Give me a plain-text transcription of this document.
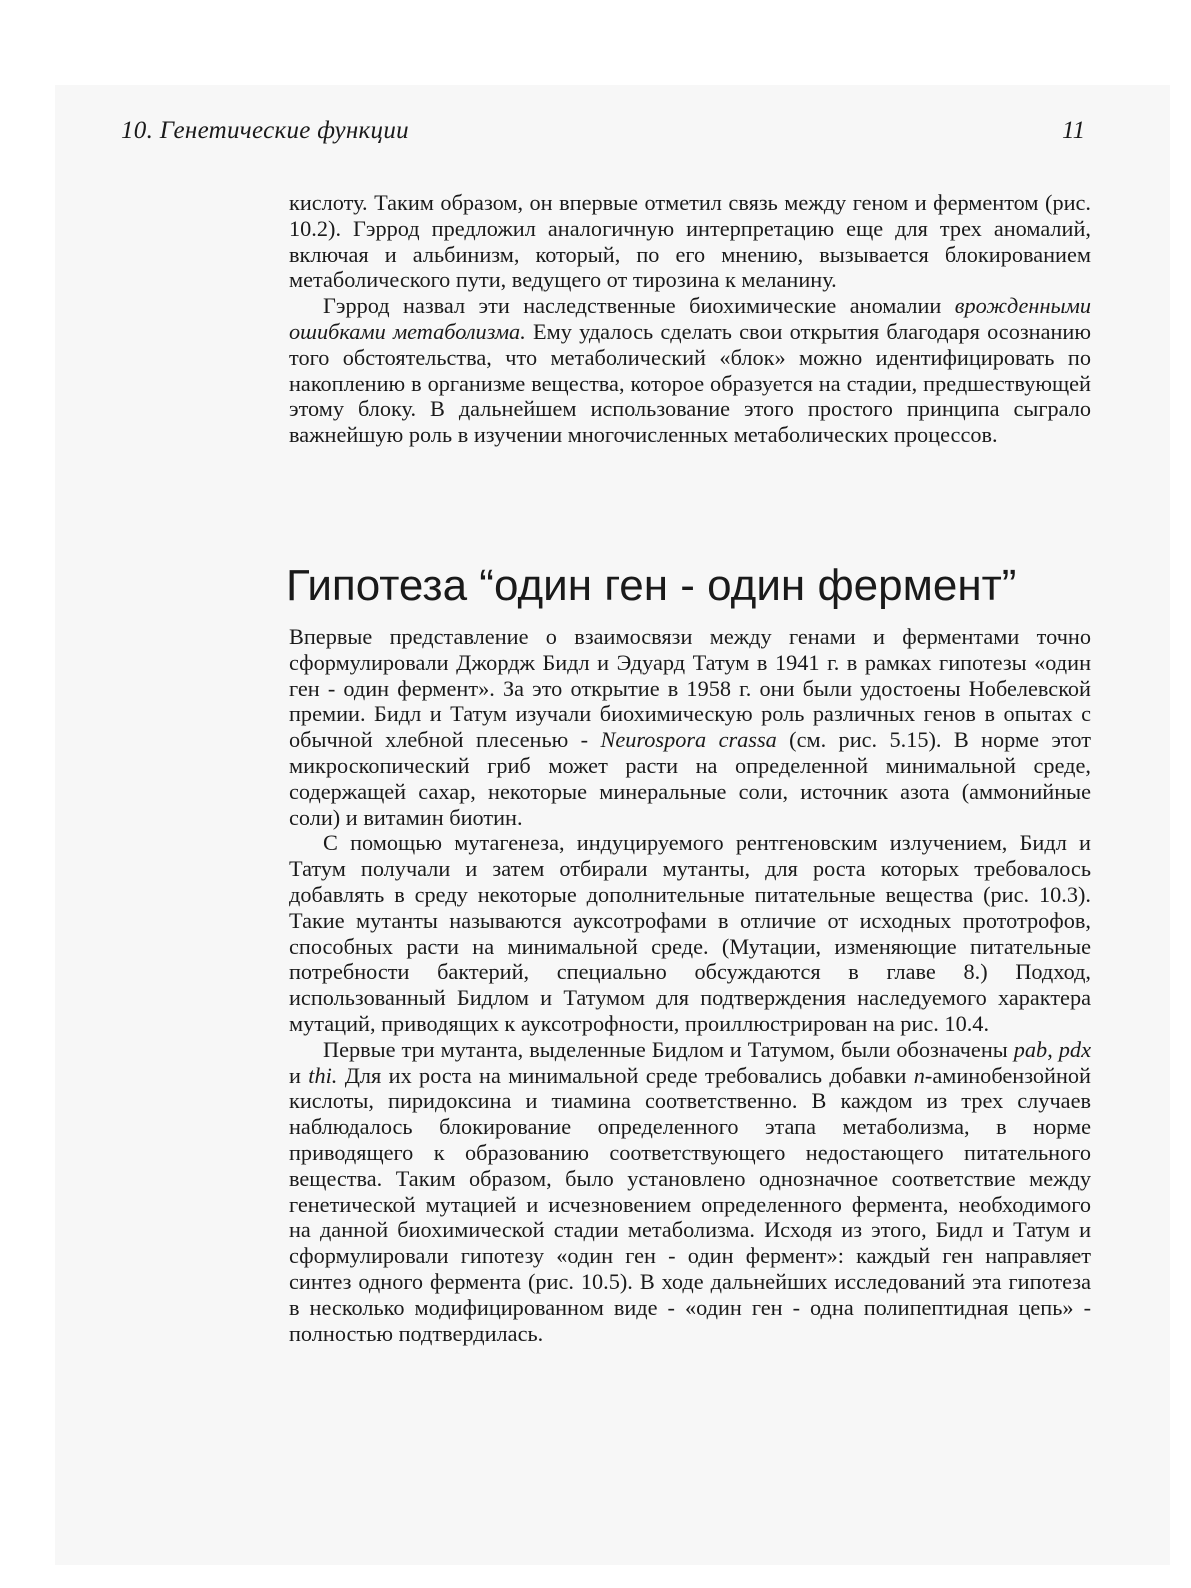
10. Генетические функции	11

кислоту. Таким образом, он впервые отметил связь между геном и ферментом (рис. 10.2). Гэррод предложил аналогичную интерпретацию еще для трех аномалий, включая и альбинизм, который, по его мнению, вызывается блокированием метаболического пути, ведущего от тирозина к меланину.

Гэррод назвал эти наследственные биохимические аномалии врожденными ошибками метаболизма. Ему удалось сделать свои открытия благодаря осознанию того обстоятельства, что метаболический «блок» можно идентифицировать по накоплению в организме вещества, которое образуется на стадии, предшествующей этому блоку. В дальнейшем использование этого простого принципа сыграло важнейшую роль в изучении многочисленных метаболических процессов.

Гипотеза “один ген - один фермент”

Впервые представление о взаимосвязи между генами и ферментами точно сформулировали Джордж Бидл и Эдуард Татум в 1941 г. в рамках гипотезы «один ген - один фермент». За это открытие в 1958 г. они были удостоены Нобелевской премии. Бидл и Татум изучали биохимическую роль различных генов в опытах с обычной хлебной плесенью - Neurospora crassa (см. рис. 5.15). В норме этот микроскопический гриб может расти на определенной минимальной среде, содержащей сахар, некоторые минеральные соли, источник азота (аммонийные соли) и витамин биотин.

С помощью мутагенеза, индуцируемого рентгеновским излучением, Бидл и Татум получали и затем отбирали мутанты, для роста которых требовалось добавлять в среду некоторые дополнительные питательные вещества (рис. 10.3). Такие мутанты называются ауксотрофами в отличие от исходных прототрофов, способных расти на минимальной среде. (Мутации, изменяющие питательные потребности бактерий, специально обсуждаются в главе 8.) Подход, использованный Бидлом и Татумом для подтверждения наследуемого характера мутаций, приводящих к ауксотрофности, проиллюстрирован на рис. 10.4.

Первые три мутанта, выделенные Бидлом и Татумом, были обозначены pab, pdx и thi. Для их роста на минимальной среде требовались добавки n-аминобензойной кислоты, пиридоксина и тиамина соответственно. В каждом из трех случаев наблюдалось блокирование определенного этапа метаболизма, в норме приводящего к образованию соответствующего недостающего питательного вещества. Таким образом, было установлено однозначное соответствие между генетической мутацией и исчезновением определенного фермента, необходимого на данной биохимической стадии метаболизма. Исходя из этого, Бидл и Татум и сформулировали гипотезу «один ген - один фермент»: каждый ген направляет синтез одного фермента (рис. 10.5). В ходе дальнейших исследований эта гипотеза в несколько модифицированном виде - «один ген - одна полипептидная цепь» - полностью подтвердилась.
